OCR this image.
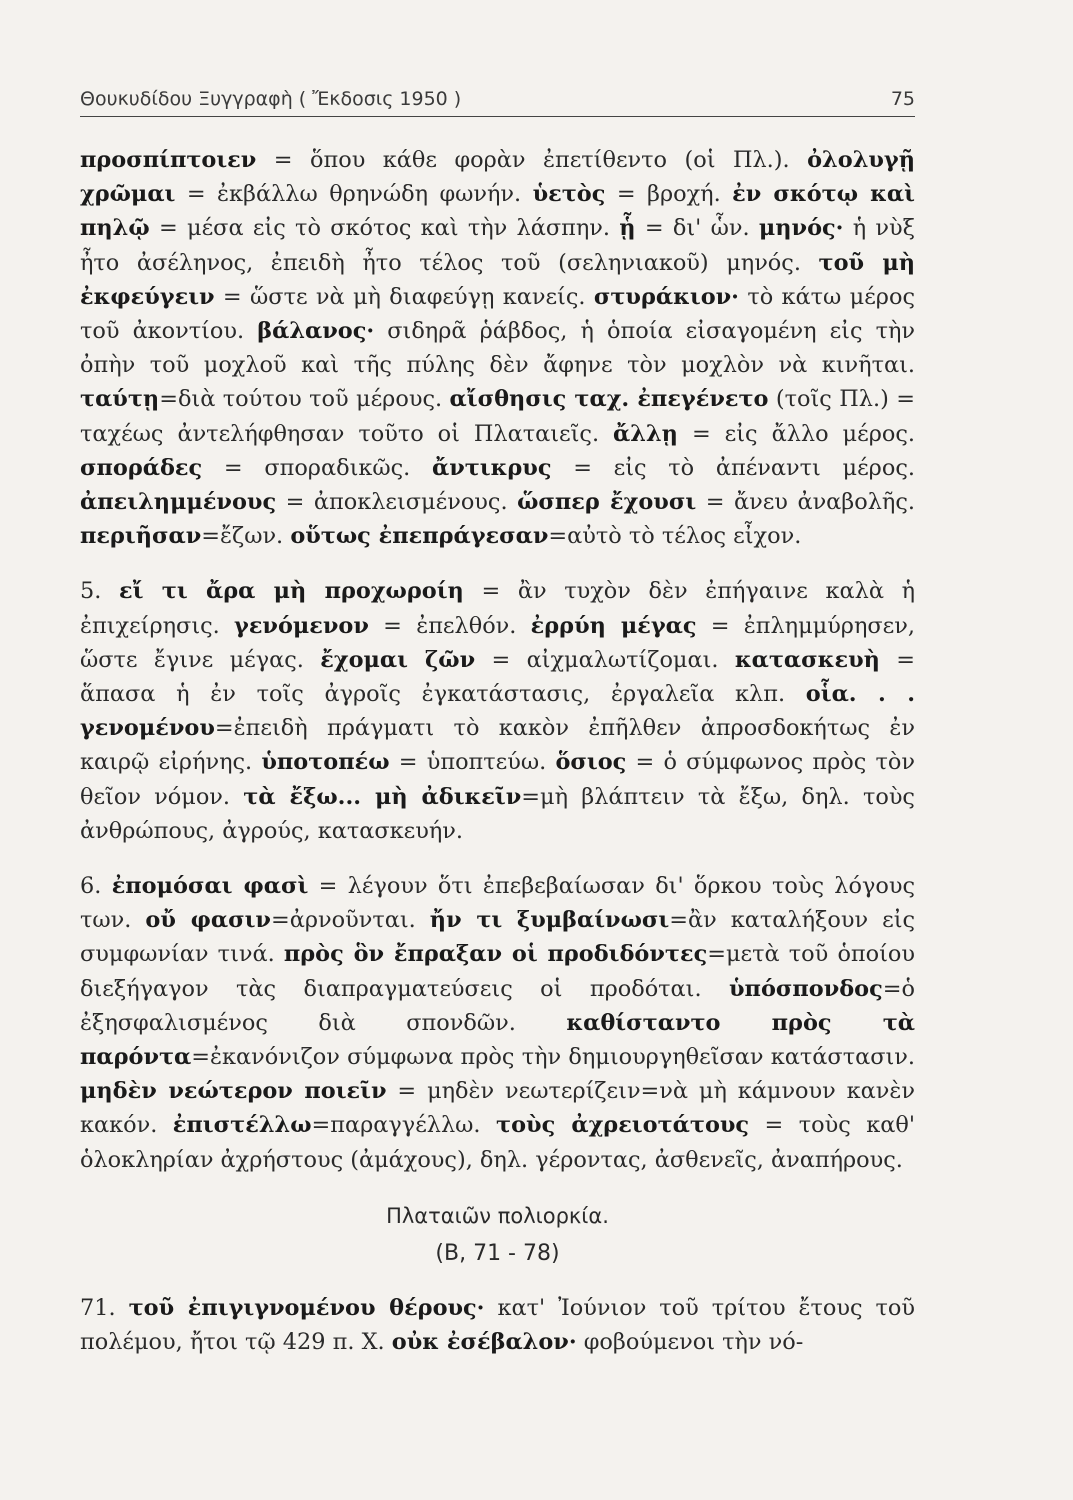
Θουκυδίδου Ξυγγραφὴ ( Ἔκδοσις 1950 )	75

προσπίπτοιεν = ὅπου κάθε φορὰν ἐπετίθεντο (οἱ Πλ.). ὀλολυγῇ χρῶμαι = ἐκβάλλω θρηνώδη φωνήν. ὑετὸς = βροχή. ἐν σκότῳ καὶ πηλῷ = μέσα εἰς τὸ σκότος καὶ τὴν λάσπην. ᾗ = δι' ὧν. μηνός· ἡ νὺξ ἦτο ἀσέληνος, ἐπειδὴ ἦτο τέλος τοῦ (σεληνιακοῦ) μηνός. τοῦ μὴ ἐκφεύγειν = ὥστε νὰ μὴ διαφεύγῃ κανείς. στυράκιον· τὸ κάτω μέρος τοῦ ἀκοντίου. βάλανος· σιδηρᾶ ῥάβδος, ἡ ὁποία εἰσαγομένη εἰς τὴν ὀπὴν τοῦ μοχλοῦ καὶ τῆς πύλης δὲν ἄφηνε τὸν μοχλὸν νὰ κινῆται. ταύτῃ=διὰ τούτου τοῦ μέρους. αἴσθησις ταχ. ἐπεγένετο (τοῖς Πλ.) = ταχέως ἀντελήφθησαν τοῦτο οἱ Πλαταιεῖς. ἄλλῃ = εἰς ἄλλο μέρος. σποράδες = σποραδικῶς. ἄντικρυς = εἰς τὸ ἀπέναντι μέρος. ἀπειλημμένους = ἀποκλεισμένους. ὥσπερ ἔχουσι = ἄνευ ἀναβολῆς. περιῆσαν=ἔζων. οὕτως ἐπεπράγεσαν=αὐτὸ τὸ τέλος εἶχον.

5. εἴ τι ἄρα μὴ προχωροίη = ἂν τυχὸν δὲν ἐπήγαινε καλὰ ἡ ἐπιχείρησις. γενόμενον = ἐπελθόν. ἐρρύη μέγας = ἐπλημμύρησεν, ὥστε ἔγινε μέγας. ἔχομαι ζῶν = αἰχμαλωτίζομαι. κατασκευὴ = ἅπασα ἡ ἐν τοῖς ἀγροῖς ἐγκατάστασις, ἐργαλεῖα κλπ. οἷα. . . γενομένου=ἐπειδὴ πράγματι τὸ κακὸν ἐπῆλθεν ἀπροσδοκήτως ἐν καιρῷ εἰρήνης. ὑποτοπέω = ὑποπτεύω. ὅσιος = ὁ σύμφωνος πρὸς τὸν θεῖον νόμον. τὰ ἔξω... μὴ ἀδικεῖν=μὴ βλάπτειν τὰ ἔξω, δηλ. τοὺς ἀνθρώπους, ἀγρούς, κατασκευήν.

6. ἐπομόσαι φασὶ = λέγουν ὅτι ἐπεβεβαίωσαν δι' ὅρκου τοὺς λόγους των. οὔ φασιν=ἀρνοῦνται. ἤν τι ξυμβαίνωσι=ἂν καταλήξουν εἰς συμφωνίαν τινά. πρὸς ὃν ἔπραξαν οἱ προδιδόντες=μετὰ τοῦ ὁποίου διεξήγαγον τὰς διαπραγματεύσεις οἱ προδόται. ὑπόσπονδος=ὁ ἐξησφαλισμένος διὰ σπονδῶν. καθίσταντο πρὸς τὰ παρόντα=ἐκανόνιζον σύμφωνα πρὸς τὴν δημιουργηθεῖσαν κατάστασιν. μηδὲν νεώτερον ποιεῖν = μηδὲν νεωτερίζειν=νὰ μὴ κάμνουν κανὲν κακόν. ἐπιστέλλω=παραγγέλλω. τοὺς ἀχρειοτάτους = τοὺς καθ' ὁλοκληρίαν ἀχρήστους (ἀμάχους), δηλ. γέροντας, ἀσθενεῖς, ἀναπήρους.

Πλαταιῶν πολιορκία.

(Β, 71 - 78)

71. τοῦ ἐπιγιγνομένου θέρους· κατ' Ἰούνιον τοῦ τρίτου ἔτους τοῦ πολέμου, ἤτοι τῷ 429 π. Χ. οὐκ ἐσέβαλον· φοβούμενοι τὴν νό-
